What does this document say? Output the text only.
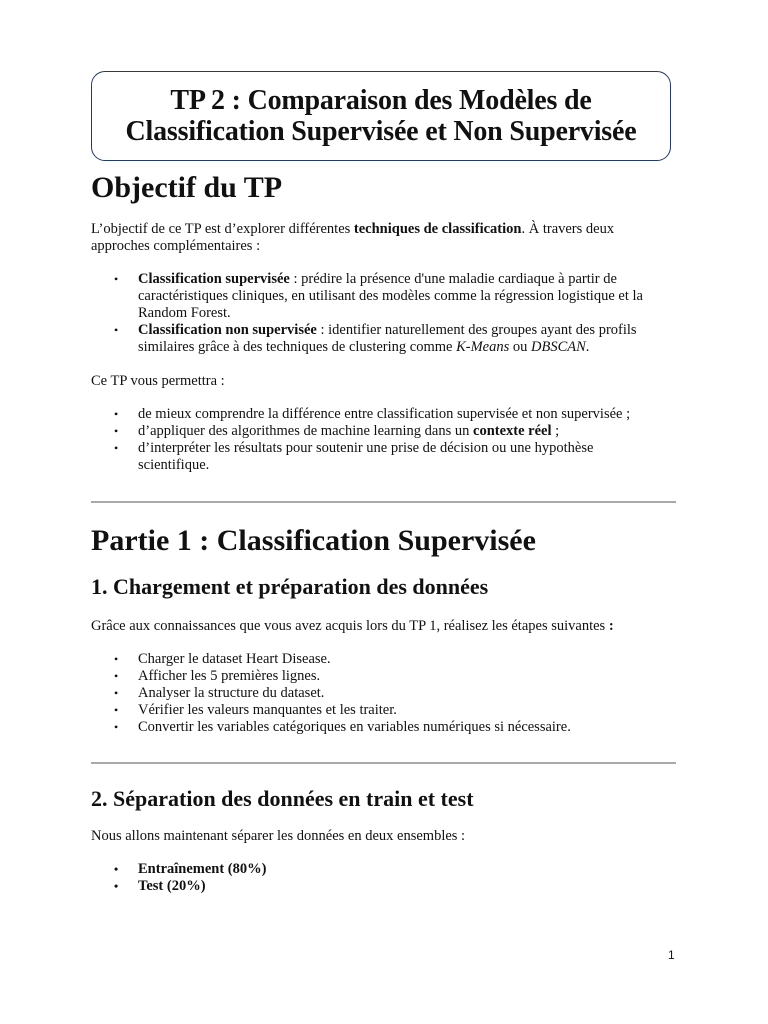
TP 2 : Comparaison des Modèles de
Classification Supervisée et Non Supervisée
Objectif du TP
L’objectif de ce TP est d’explorer différentes techniques de classification. À travers deux approches complémentaires :
• Classification supervisée : prédire la présence d'une maladie cardiaque à partir de caractéristiques cliniques, en utilisant des modèles comme la régression logistique et la Random Forest.
• Classification non supervisée : identifier naturellement des groupes ayant des profils similaires grâce à des techniques de clustering comme K-Means ou DBSCAN.
Ce TP vous permettra :
• de mieux comprendre la différence entre classification supervisée et non supervisée ;
• d’appliquer des algorithmes de machine learning dans un contexte réel ;
• d’interpréter les résultats pour soutenir une prise de décision ou une hypothèse scientifique.
Partie 1 : Classification Supervisée
1. Chargement et préparation des données
Grâce aux connaissances que vous avez acquis lors du TP 1, réalisez les étapes suivantes :
• Charger le dataset Heart Disease.
• Afficher les 5 premières lignes.
• Analyser la structure du dataset.
• Vérifier les valeurs manquantes et les traiter.
• Convertir les variables catégoriques en variables numériques si nécessaire.
2. Séparation des données en train et test
Nous allons maintenant séparer les données en deux ensembles :
• Entraînement (80%)
• Test (20%)
1
